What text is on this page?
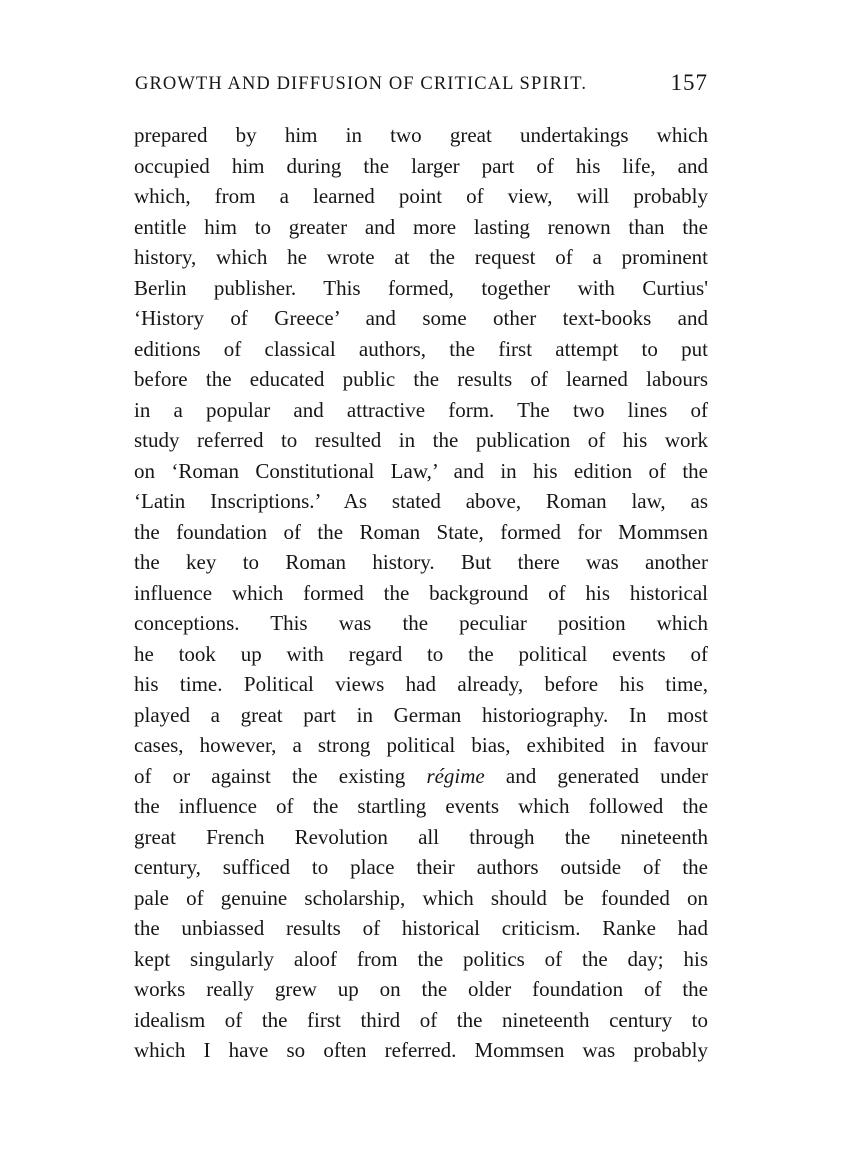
GROWTH AND DIFFUSION OF CRITICAL SPIRIT.	157
prepared by him in two great undertakings which
occupied him during the larger part of his life, and
which, from a learned point of view, will probably
entitle him to greater and more lasting renown than the
history, which he wrote at the request of a prominent
Berlin publisher. This formed, together with Curtius'
‘History of Greece’ and some other text-books and
editions of classical authors, the first attempt to put
before the educated public the results of learned labours
in a popular and attractive form. The two lines of
study referred to resulted in the publication of his work
on ‘Roman Constitutional Law,’ and in his edition of the
‘Latin Inscriptions.’ As stated above, Roman law, as
the foundation of the Roman State, formed for Mommsen
the key to Roman history. But there was another
influence which formed the background of his historical
conceptions. This was the peculiar position which
he took up with regard to the political events of
his time. Political views had already, before his time,
played a great part in German historiography. In most
cases, however, a strong political bias, exhibited in favour
of or against the existing régime and generated under
the influence of the startling events which followed the
great French Revolution all through the nineteenth
century, sufficed to place their authors outside of the
pale of genuine scholarship, which should be founded on
the unbiassed results of historical criticism. Ranke had
kept singularly aloof from the politics of the day; his
works really grew up on the older foundation of the
idealism of the first third of the nineteenth century to
which I have so often referred. Mommsen was probably
